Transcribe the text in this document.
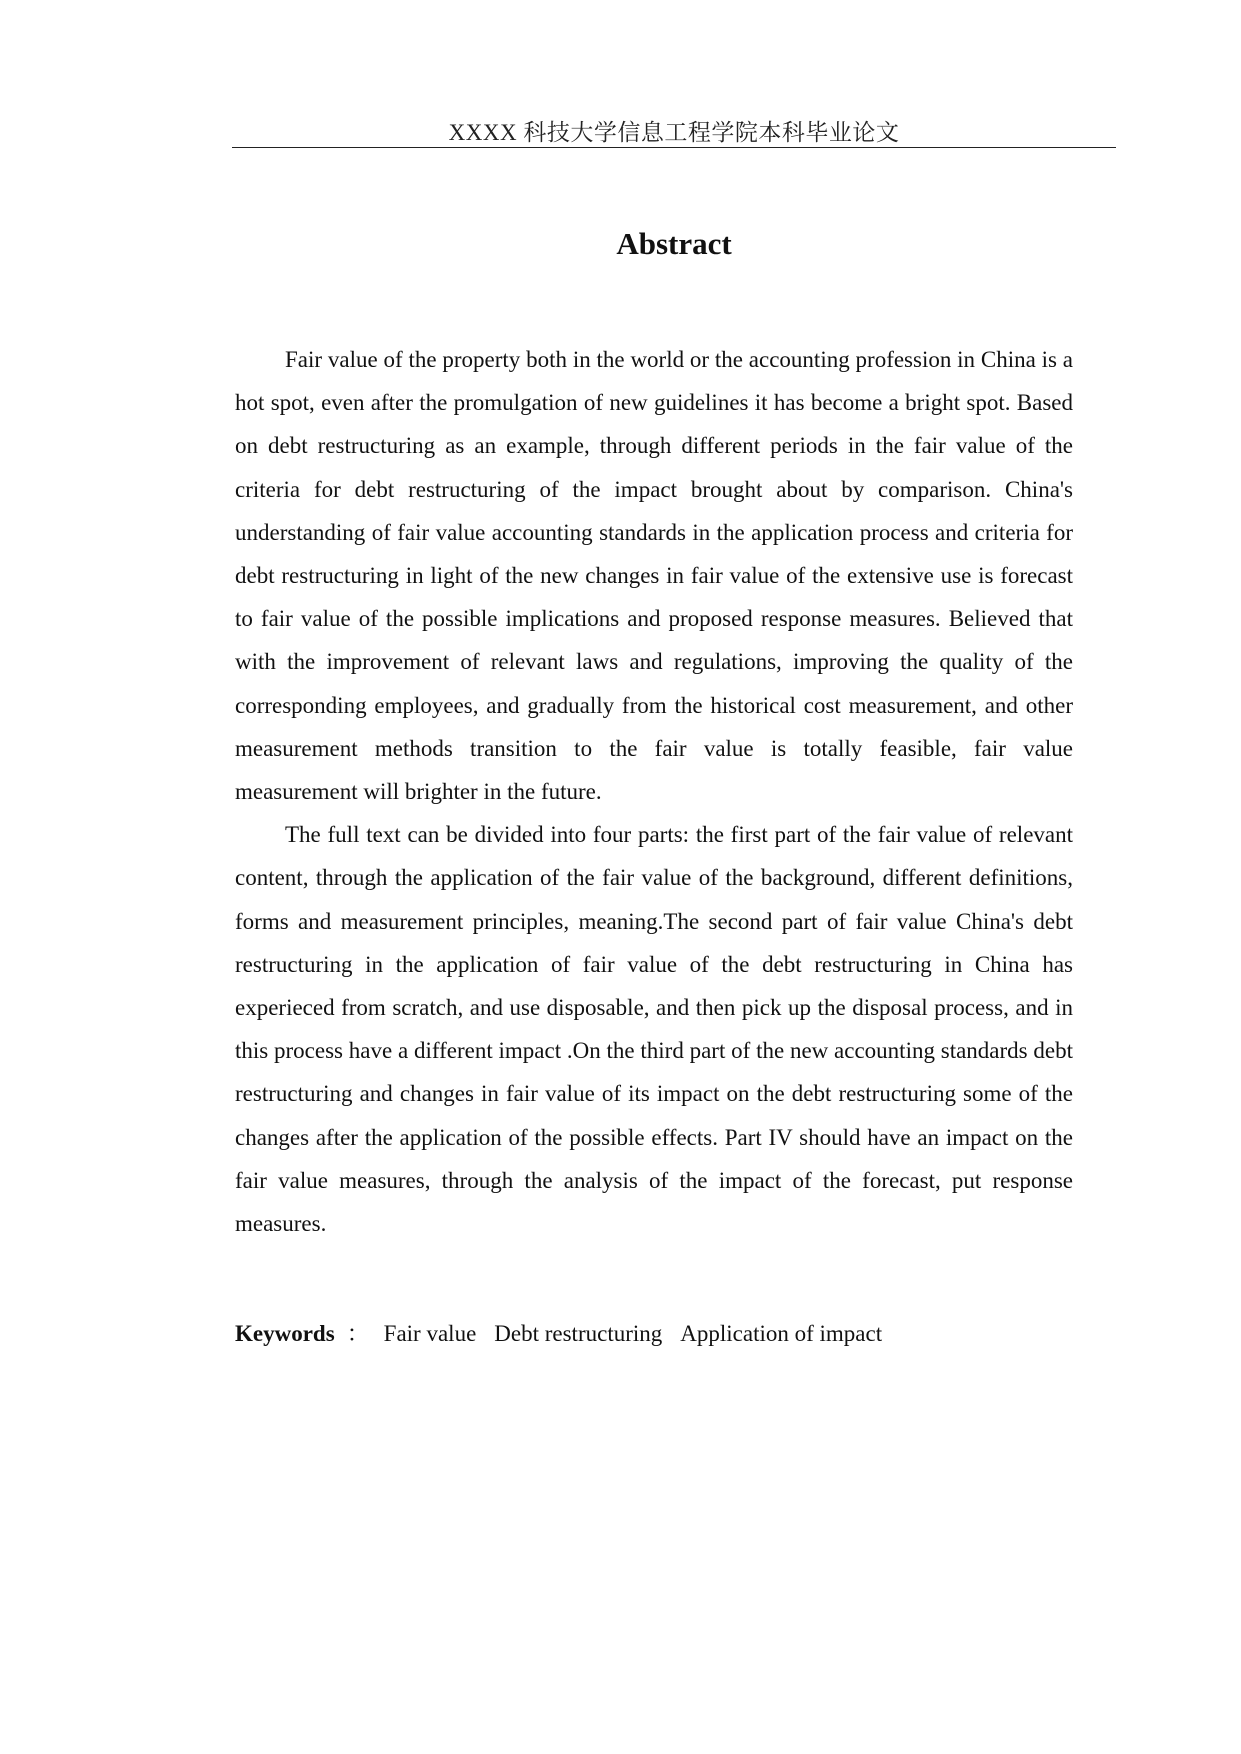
XXXX 科技大学信息工程学院本科毕业论文
Abstract

Fair value of the property both in the world or the accounting profession in China is a hot spot, even after the promulgation of new guidelines it has become a bright spot. Based on debt restructuring as an example, through different periods in the fair value of the criteria for debt restructuring of the impact brought about by comparison. China's understanding of fair value accounting standards in the application process and criteria for debt restructuring in light of the new changes in fair value of the extensive use is forecast to fair value of the possible implications and proposed response measures. Believed that with the improvement of relevant laws and regulations, improving the quality of the corresponding employees, and gradually from the historical cost measurement, and other measurement methods transition to the fair value is totally feasible, fair value measurement will brighter in the future.

The full text can be divided into four parts: the first part of the fair value of relevant content, through the application of the fair value of the background, different definitions, forms and measurement principles, meaning.The second part of fair value China's debt restructuring in the application of fair value of the debt restructuring in China has experieced from scratch, and use disposable, and then pick up the disposal process, and in this process have a different impact .On the third part of the new accounting standards debt restructuring and changes in fair value of its impact on the debt restructuring some of the changes after the application of the possible effects. Part IV should have an impact on the fair value measures, through the analysis of the impact of the forecast, put response measures.

Keywords ： Fair value Debt restructuring Application of impact
